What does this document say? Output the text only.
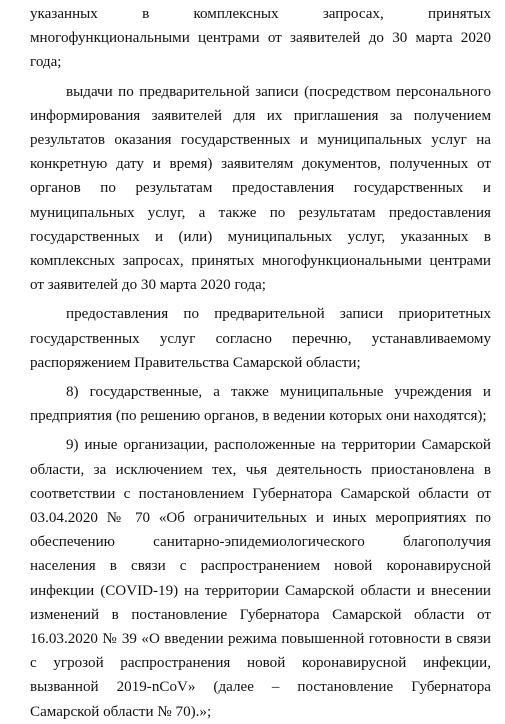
указанных в комплексных запросах, принятых многофункциональными центрами от заявителей до 30 марта 2020 года;

выдачи по предварительной записи (посредством персонального информирования заявителей для их приглашения за получением результатов оказания государственных и муниципальных услуг на конкретную дату и время) заявителям документов, полученных от органов по результатам предоставления государственных и муниципальных услуг, а также по результатам предоставления государственных и (или) муниципальных услуг, указанных в комплексных запросах, принятых многофункциональными центрами от заявителей до 30 марта 2020 года;

предоставления по предварительной записи приоритетных государственных услуг согласно перечню, устанавливаемому распоряжением Правительства Самарской области;

8) государственные, а также муниципальные учреждения и предприятия (по решению органов, в ведении которых они находятся);

9) иные организации, расположенные на территории Самарской области, за исключением тех, чья деятельность приостановлена в соответствии с постановлением Губернатора Самарской области от 03.04.2020 № 70 «Об ограничительных и иных мероприятиях по обеспечению санитарно-эпидемиологического благополучия населения в связи с распространением новой коронавирусной инфекции (COVID-19) на территории Самарской области и внесении изменений в постановление Губернатора Самарской области от 16.03.2020 № 39 «О введении режима повышенной готовности в связи с угрозой распространения новой коронавирусной инфекции, вызванной 2019-nCoV» (далее – постановление Губернатора Самарской области № 70).»;
